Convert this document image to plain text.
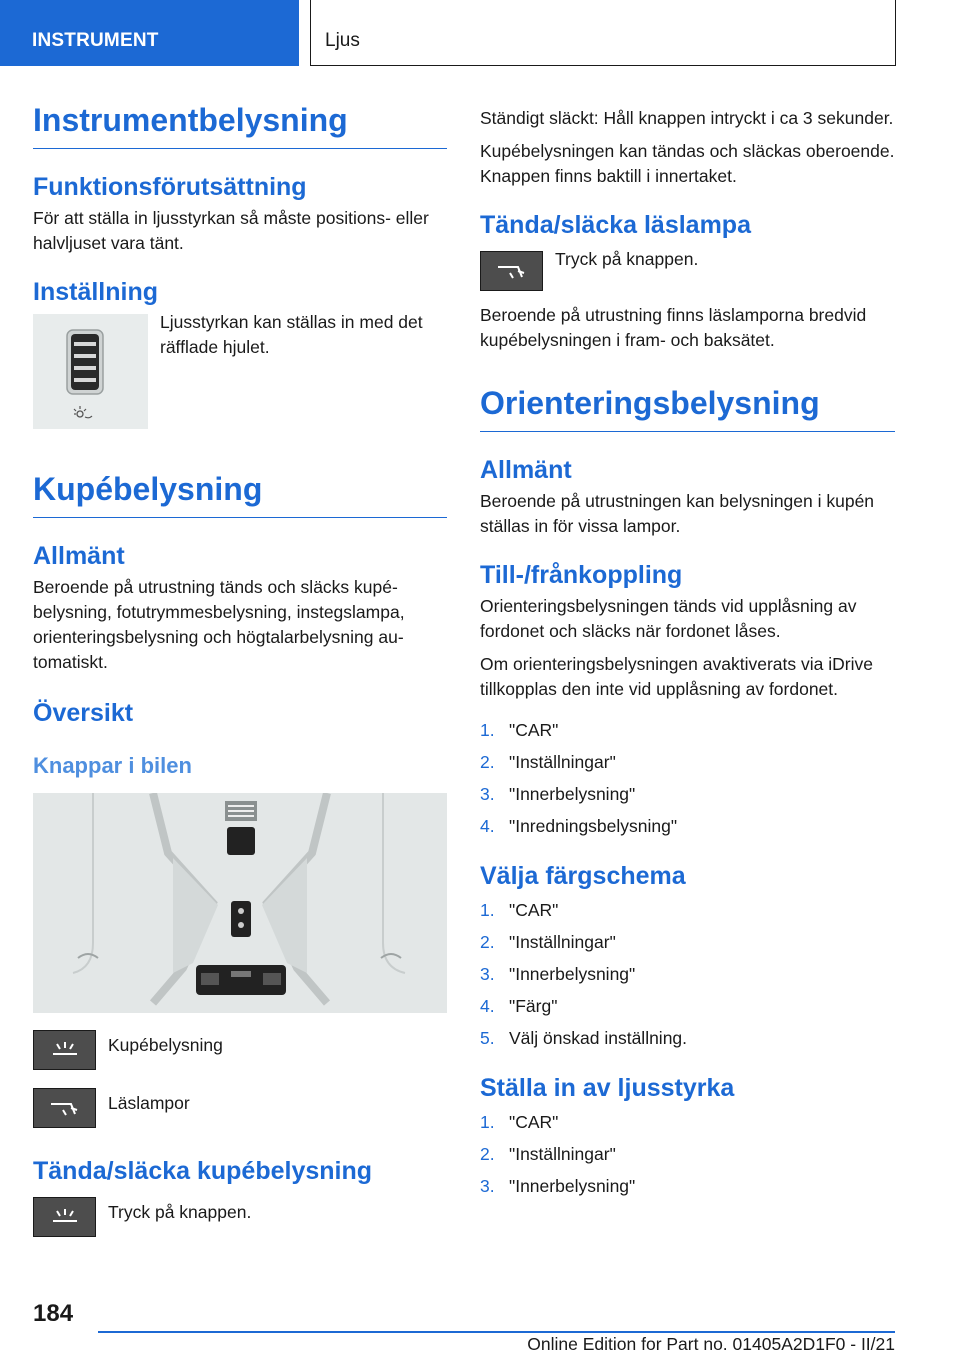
INSTRUMENT	Ljus
Instrumentbelysning
Funktionsförutsättning

För att ställa in ljusstyrkan så måste positions- eller halvljuset vara tänt.

Inställning

Ljusstyrkan kan ställas in med det räfflade hjulet.

Kupébelysning
Allmänt

Beroende på utrustning tänds och släcks kupébelysning, fotutrymmesbelysning, instegslampa, orienteringsbelysning och högtalarbelysning automatiskt.

Översikt
Knappar i bilen

Kupébelysning

Läslampor

Tända/släcka kupébelysning

Tryck på knappen.

Ständigt släckt: Håll knappen intryckt i ca 3 sekunder.

Kupébelysningen kan tändas och släckas oberoende. Knappen finns baktill i innertaket.

Tända/släcka läslampa

Tryck på knappen.

Beroende på utrustning finns läslamporna bredvid kupébelysningen i fram- och baksätet.

Orienteringsbelysning
Allmänt

Beroende på utrustningen kan belysningen i kupén ställas in för vissa lampor.

Till-/frånkoppling

Orienteringsbelysningen tänds vid upplåsning av fordonet och släcks när fordonet låses.

Om orienteringsbelysningen avaktiverats via iDrive tillkopplas den inte vid upplåsning av fordonet.

1. "CAR"
2. "Inställningar"
3. "Innerbelysning"
4. "Inredningsbelysning"
Välja färgschema
1. "CAR"
2. "Inställningar"
3. "Innerbelysning"
4. "Färg"
5. Välj önskad inställning.
Ställa in av ljusstyrka
1. "CAR"
2. "Inställningar"
3. "Innerbelysning"
184
Online Edition for Part no. 01405A2D1F0 - II/21
